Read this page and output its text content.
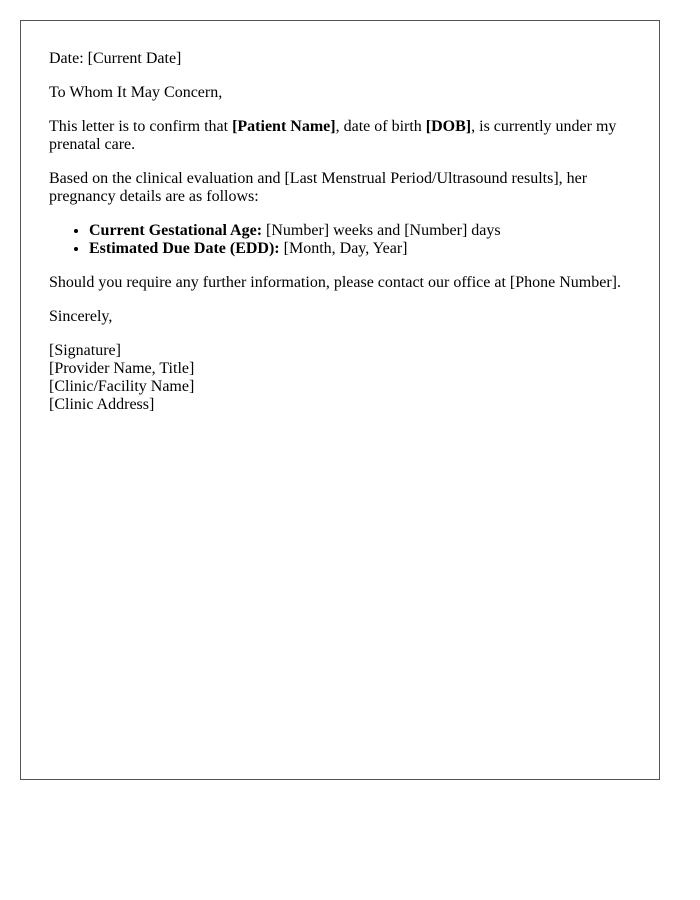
Date: [Current Date]

To Whom It May Concern,

This letter is to confirm that [Patient Name], date of birth [DOB], is currently under my prenatal care.

Based on the clinical evaluation and [Last Menstrual Period/Ultrasound results], her pregnancy details are as follows:

• Current Gestational Age: [Number] weeks and [Number] days
• Estimated Due Date (EDD): [Month, Day, Year]

Should you require any further information, please contact our office at [Phone Number].

Sincerely,

[Signature]

[Provider Name, Title]

[Clinic/Facility Name]

[Clinic Address]
